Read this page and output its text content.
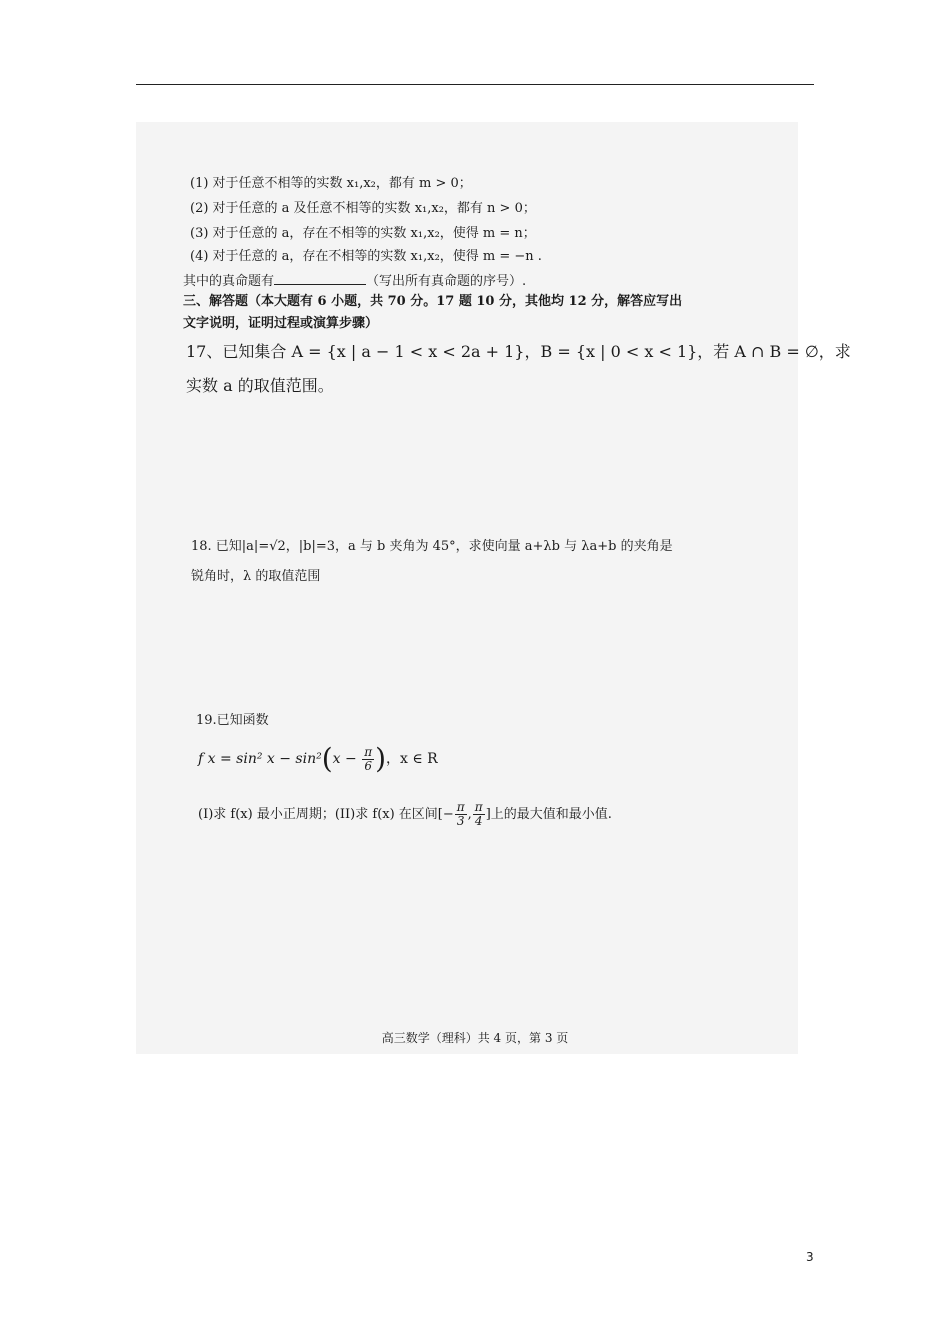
(1) 对于任意不相等的实数 x₁,x₂，都有 m > 0；
(2) 对于任意的 a 及任意不相等的实数 x₁,x₂，都有 n > 0；
(3) 对于任意的 a，存在不相等的实数 x₁,x₂，使得 m = n；
(4) 对于任意的 a，存在不相等的实数 x₁,x₂，使得 m = −n .
其中的真命题有	（写出所有真命题的序号）.
三、解答题（本大题有 6 小题，共 70 分。17 题 10 分，其他均 12 分，解答应写出
文字说明，证明过程或演算步骤）
17、已知集合 A = {x | a − 1 < x < 2a + 1}，B = {x | 0 < x < 1}，若 A ∩ B = ∅，求
实数 a 的取值范围。
18. 已知|a|=√2，|b|=3，a 与 b 夹角为 45°，求使向量 a+λb 与 λa+b 的夹角是
锐角时，λ 的取值范围
19.已知函数
f x = sin² $x - \sin^2(x - \frac{\pi}{6}$ )，x ∈ R
(I)求 f(x) 最小正周期；(II)求 f(x) 在区间[− $\frac{\pi}{3}$ , $\frac{\pi}{4}$ ]上的最大值和最小值.
高三数学（理科）共 4 页，第 3 页
3
